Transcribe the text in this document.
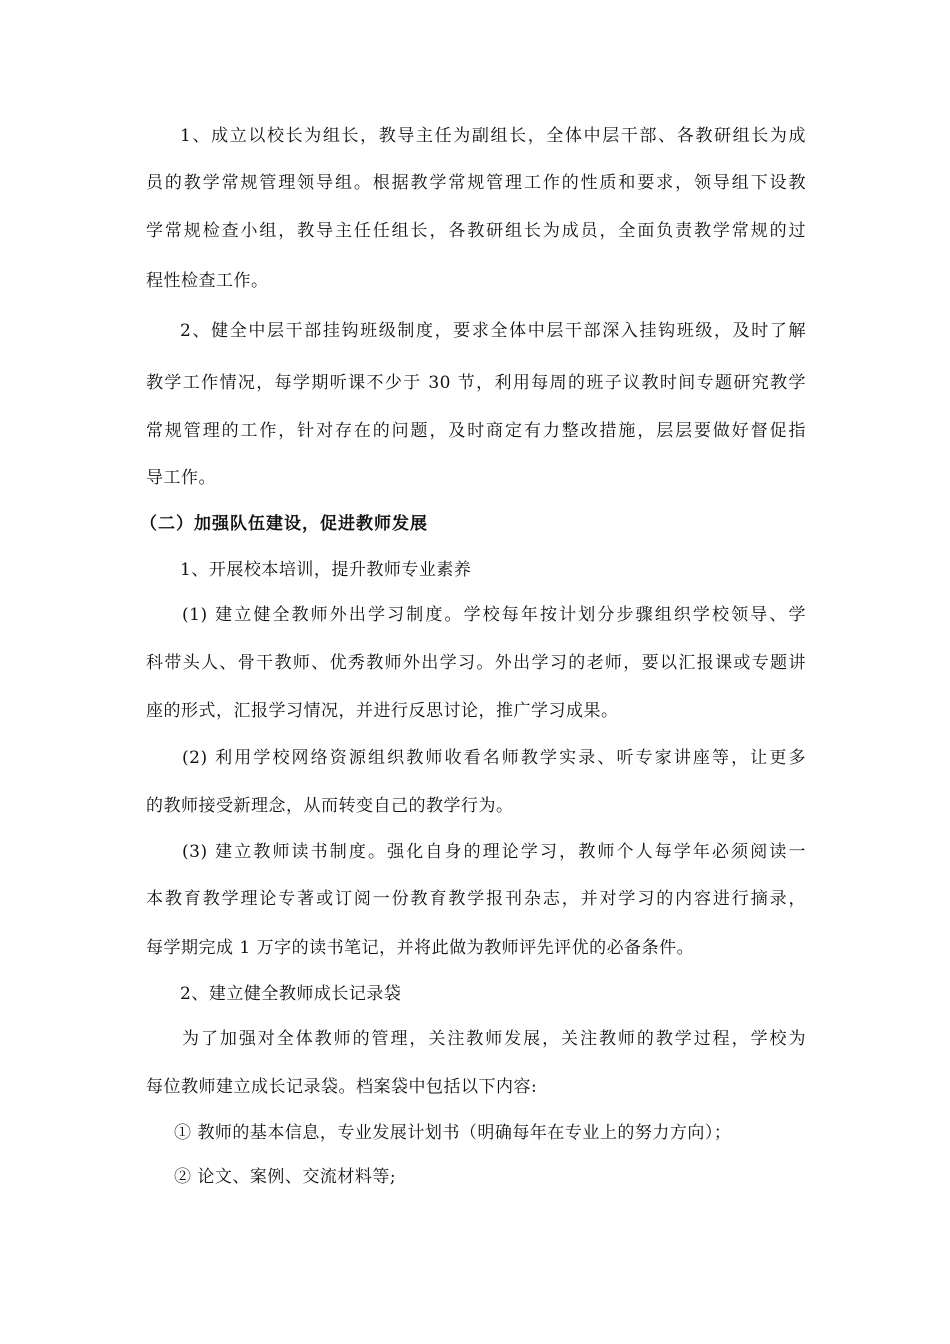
1、成立以校长为组长，教导主任为副组长，全体中层干部、各教研组长为成
员的教学常规管理领导组。根据教学常规管理工作的性质和要求，领导组下设教
学常规检查小组，教导主任任组长，各教研组长为成员，全面负责教学常规的过
程性检查工作。
2、健全中层干部挂钩班级制度，要求全体中层干部深入挂钩班级，及时了解
教学工作情况，每学期听课不少于 30 节，利用每周的班子议教时间专题研究教学
常规管理的工作，针对存在的问题，及时商定有力整改措施，层层要做好督促指
导工作。
（二）加强队伍建设，促进教师发展
1、开展校本培训，提升教师专业素养
(1) 建立健全教师外出学习制度。学校每年按计划分步骤组织学校领导、学
科带头人、骨干教师、优秀教师外出学习。外出学习的老师，要以汇报课或专题讲
座的形式，汇报学习情况，并进行反思讨论，推广学习成果。
(2) 利用学校网络资源组织教师收看名师教学实录、听专家讲座等，让更多
的教师接受新理念，从而转变自己的教学行为。
(3) 建立教师读书制度。强化自身的理论学习，教师个人每学年必须阅读一
本教育教学理论专著或订阅一份教育教学报刊杂志，并对学习的内容进行摘录，
每学期完成 1 万字的读书笔记，并将此做为教师评先评优的必备条件。
2、建立健全教师成长记录袋
为了加强对全体教师的管理，关注教师发展，关注教师的教学过程，学校为
每位教师建立成长记录袋。档案袋中包括以下内容:
① 教师的基本信息，专业发展计划书（明确每年在专业上的努力方向）；
② 论文、案例、交流材料等;
